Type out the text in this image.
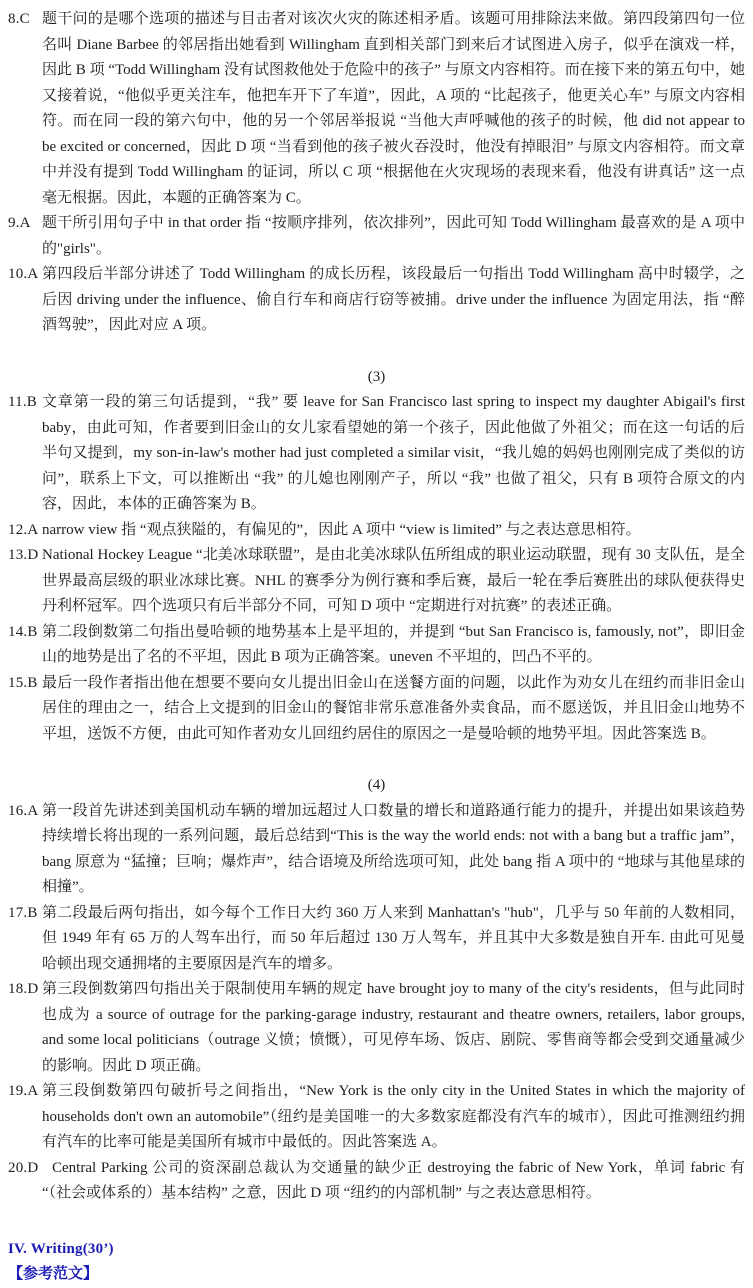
8.C 题干问的是哪个选项的描述与目击者对该次火灾的陈述相矛盾。该题可用排除法来做。第四段第四句一位名叫 Diane Barbee 的邻居指出她看到 Willingham 直到相关部门到来后才试图进入房子，似乎在演戏一样，因此 B 项 “Todd Willingham 没有试图救他处于危险中的孩子” 与原文内容相符。而在接下来的第五句中，她又接着说，“他似乎更关注车，他把车开下了车道”，因此，A 项的 “比起孩子，他更关心车” 与原文内容相符。而在同一段的第六句中，他的另一个邻居举报说 “当他大声呼喊他的孩子的时候，他 did not appear to be excited or concerned，因此 D 项 “当看到他的孩子被火吞没时，他没有掉眼泪” 与原文内容相符。而文章中并没有提到 Todd Willingham 的证词，所以 C 项 “根据他在火灾现场的表现来看，他没有讲真话” 这一点毫无根据。因此，本题的正确答案为 C。
9.A 题干所引用句子中 in that order 指 “按顺序排列，依次排列”，因此可知 Todd Willingham 最喜欢的是 A 项中的"girls"。
10.A 第四段后半部分讲述了 Todd Willingham 的成长历程，该段最后一句指出 Todd Willingham 高中时辍学，之后因 driving under the influence、偷自行车和商店行窃等被捕。drive under the influence 为固定用法，指 “醉酒驾驶”，因此对应 A 项。
(3)
11.B 文章第一段的第三句话提到，“我” 要 leave for San Francisco last spring to inspect my daughter Abigail's first baby，由此可知，作者要到旧金山的女儿家看望她的第一个孩子，因此他做了外祖父；而在这一句话的后半句又提到，my son-in-law's mother had just completed a similar visit，“我儿媳的妈妈也刚刚完成了类似的访问”，联系上下文，可以推断出 “我” 的儿媳也刚刚产子，所以 “我” 也做了祖父，只有 B 项符合原文的内容，因此，本体的正确答案为 B。
12.A narrow view 指 “观点狭隘的，有偏见的”，因此 A 项中 “view is limited” 与之表达意思相符。
13.D National Hockey League “北美冰球联盟”，是由北美冰球队伍所组成的职业运动联盟，现有 30 支队伍，是全世界最高层级的职业冰球比赛。NHL 的赛季分为例行赛和季后赛，最后一轮在季后赛胜出的球队便获得史丹利杯冠军。四个选项只有后半部分不同，可知 D 项中 “定期进行对抗赛” 的表述正确。
14.B 第二段倒数第二句指出曼哈顿的地势基本上是平坦的，并提到 “but San Francisco is, famously, not”，即旧金山的地势是出了名的不平坦，因此 B 项为正确答案。uneven 不平坦的，凹凸不平的。
15.B 最后一段作者指出他在想要不要向女儿提出旧金山在送餐方面的问题，以此作为劝女儿在纽约而非旧金山居住的理由之一，结合上文提到的旧金山的餐馆非常乐意准备外卖食品，而不愿送饭，并且旧金山地势不平坦，送饭不方便，由此可知作者劝女儿回纽约居住的原因之一是曼哈顿的地势平坦。因此答案选 B。
(4)
16.A 第一段首先讲述到美国机动车辆的增加远超过人口数量的增长和道路通行能力的提升，并提出如果该趋势持续增长将出现的一系列问题，最后总结到“This is the way the world ends: not with a bang but a traffic jam”，bang 原意为 “猛撞；巨响；爆炸声”，结合语境及所给选项可知，此处 bang 指 A 项中的 “地球与其他星球的相撞”。
17.B 第二段最后两句指出，如今每个工作日大约 360 万人来到 Manhattan's "hub"，几乎与 50 年前的人数相同，但 1949 年有 65 万的人驾车出行，而 50 年后超过 130 万人驾车，并且其中大多数是独自开车. 由此可见曼哈顿出现交通拥堵的主要原因是汽车的增多。
18.D 第三段倒数第四句指出关于限制使用车辆的规定 have brought joy to many of the city's residents，但与此同时也成为 a source of outrage for the parking-garage industry, restaurant and theatre owners, retailers, labor groups, and some local politicians（outrage 义愤；愤慨），可见停车场、饭店、剧院、零售商等都会受到交通量减少的影响。因此 D 项正确。
19.A 第三段倒数第四句破折号之间指出，“New York is the only city in the United States in which the majority of households don't own an automobile”（纽约是美国唯一的大多数家庭都没有汽车的城市），因此可推测纽约拥有汽车的比率可能是美国所有城市中最低的。因此答案选 A。
20.D Central Parking 公司的资深副总裁认为交通量的缺少正 destroying the fabric of New York，单词 fabric 有 “（社会或体系的）基本结构” 之意，因此 D 项 “纽约的内部机制” 与之表达意思相符。
IV. Writing(30’)
【参考范文】
